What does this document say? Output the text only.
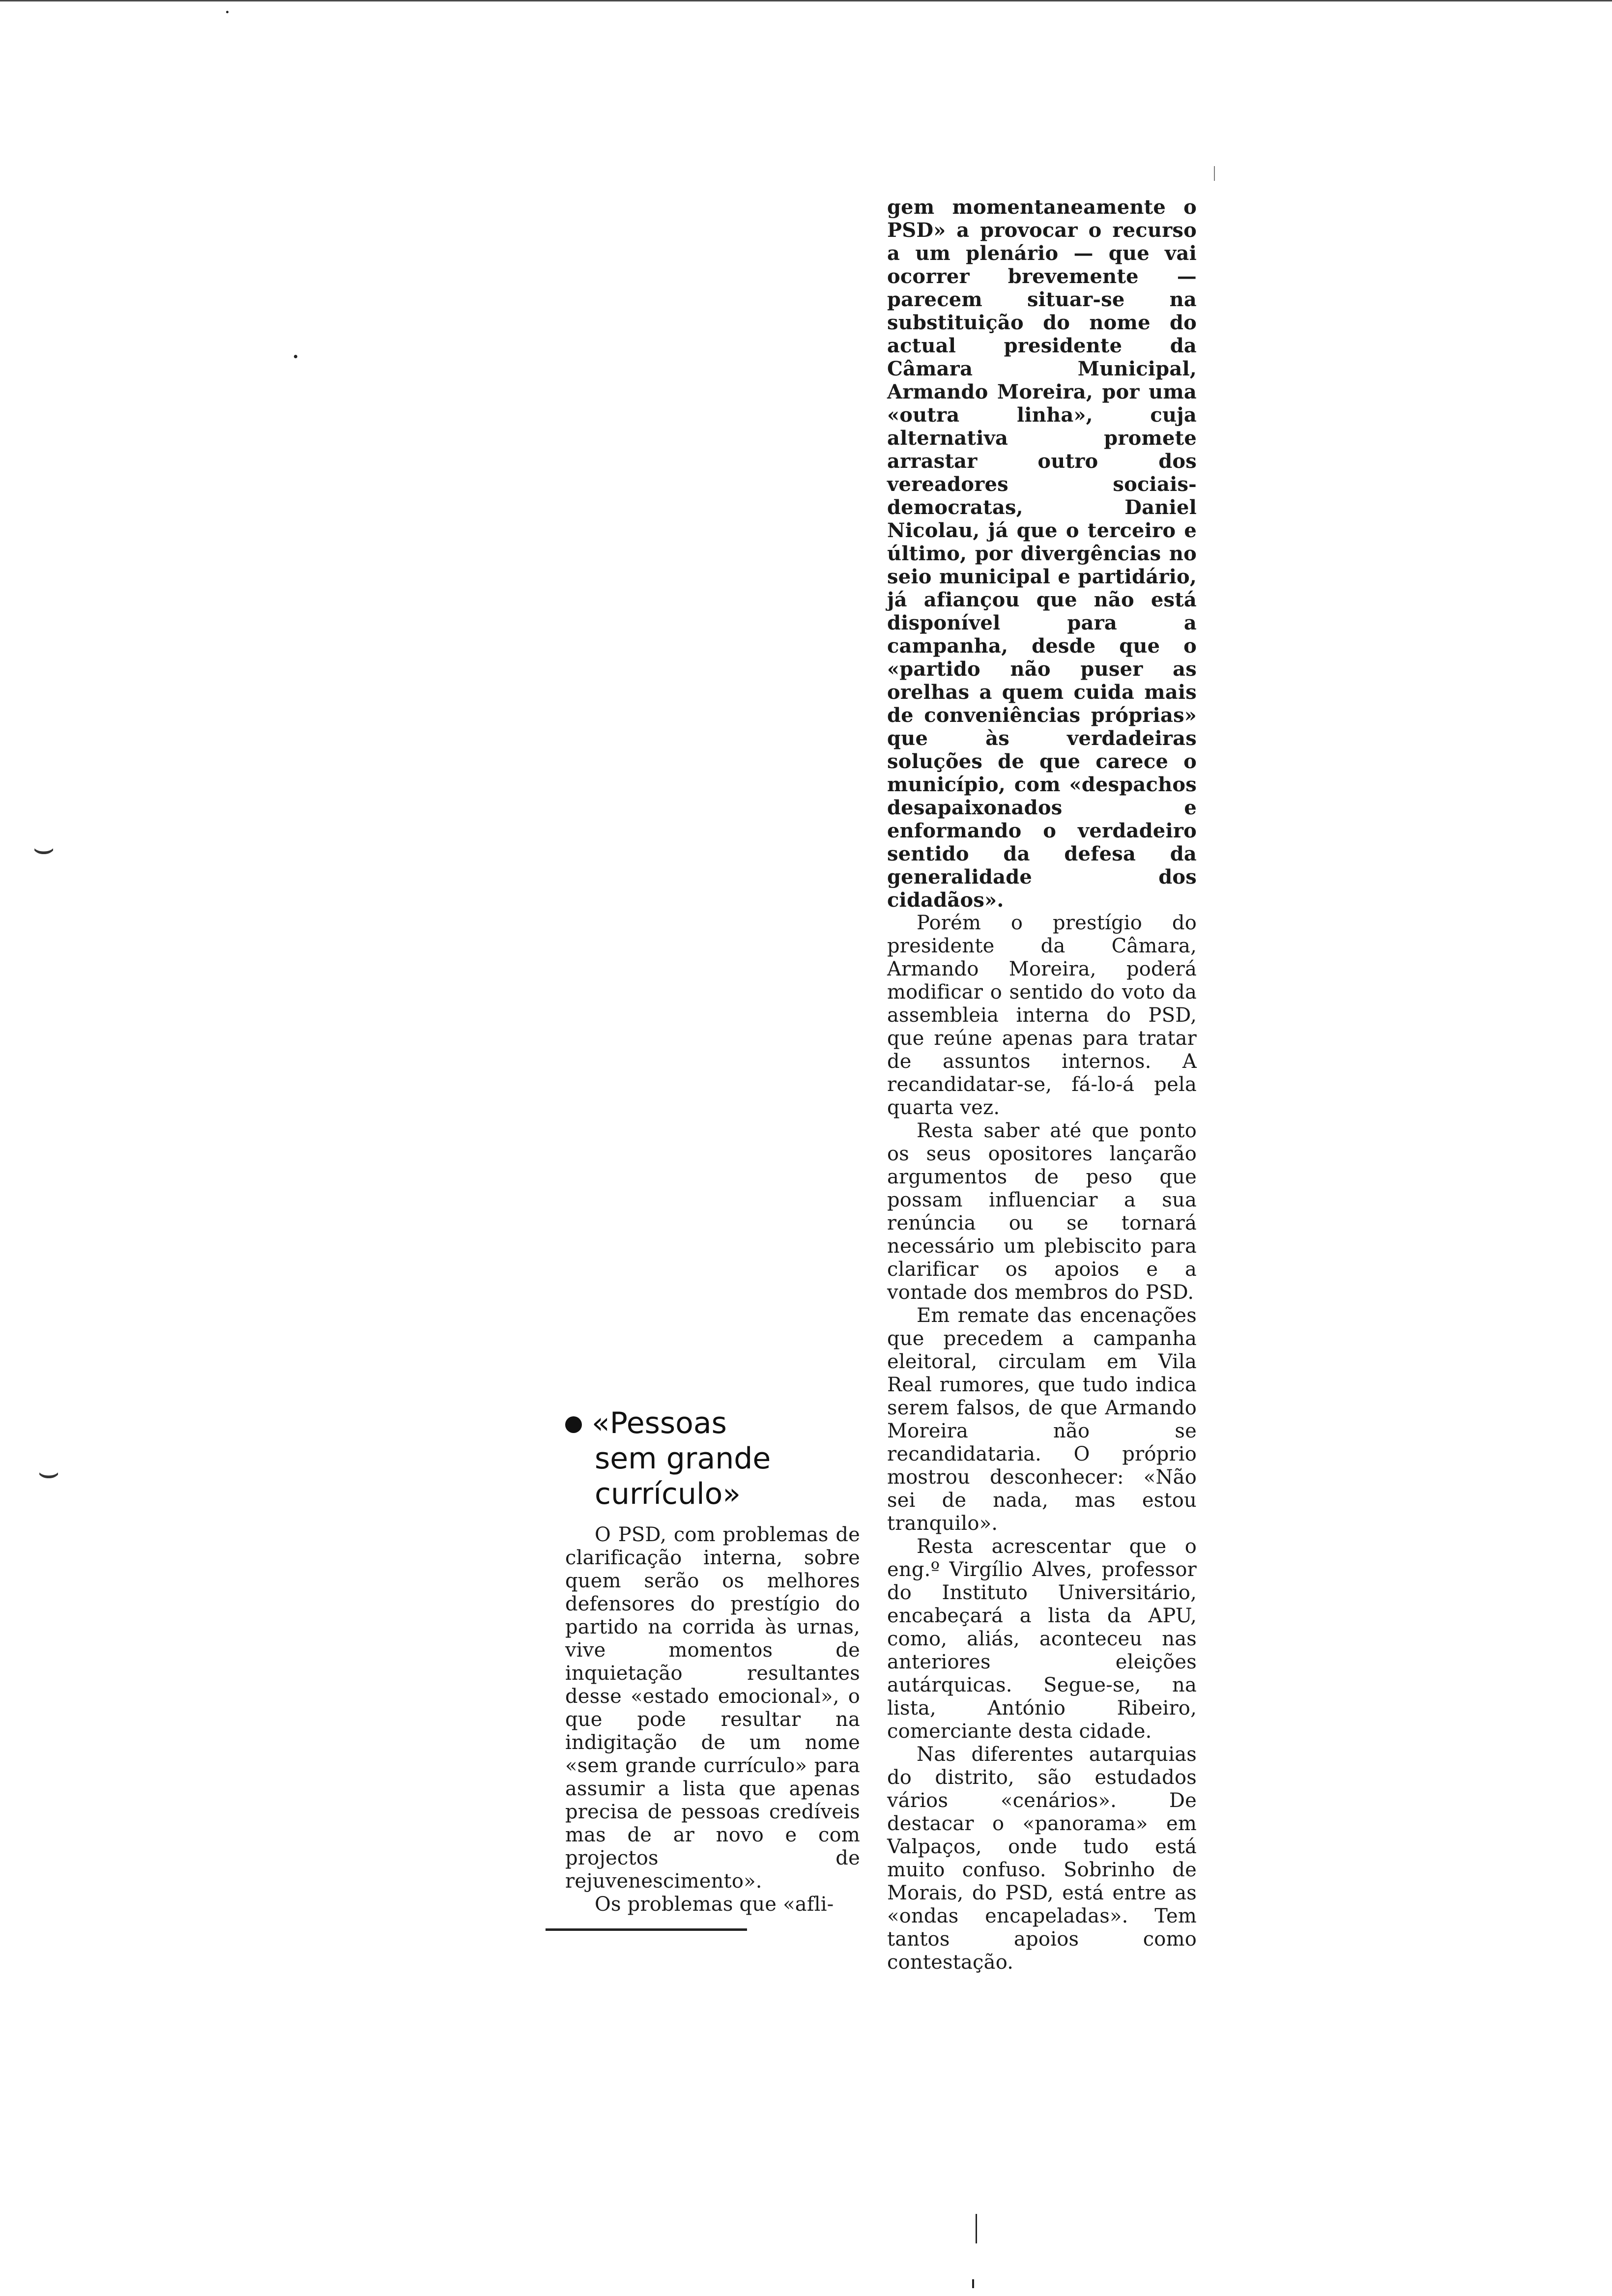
⌣
⌣
«Pessoas
sem grande
currículo»

O PSD, com problemas de clarificação interna, sobre quem serão os melhores defensores do prestígio do partido na corrida às urnas, vive momentos de inquietação resultantes desse «estado emocional», o que pode resultar na indigitação de um nome «sem grande currículo» para assumir a lista que apenas precisa de pessoas credíveis mas de ar novo e com projectos de rejuvenescimento».

Os problemas que «afli-

gem momentaneamente o PSD» a provocar o recurso a um plenário — que vai ocorrer brevemente — parecem situar-se na substituição do nome do actual presidente da Câmara Municipal, Armando Moreira, por uma «outra linha», cuja alternativa promete arrastar outro dos vereadores sociais-democratas, Daniel Nicolau, já que o terceiro e último, por divergências no seio municipal e partidário, já afiançou que não está disponível para a campanha, desde que o «partido não puser as orelhas a quem cuida mais de conveniências próprias» que às verdadeiras soluções de que carece o município, com «despachos desapaixonados e enformando o verdadeiro sentido da defesa da generalidade dos cidadãos».

Porém o prestígio do presidente da Câmara, Armando Moreira, poderá modificar o sentido do voto da assembleia interna do PSD, que reúne apenas para tratar de assuntos internos. A recandidatar-se, fá-lo-á pela quarta vez.

Resta saber até que ponto os seus opositores lançarão argumentos de peso que possam influenciar a sua renúncia ou se tornará necessário um plebiscito para clarificar os apoios e a vontade dos membros do PSD.

Em remate das encenações que precedem a campanha eleitoral, circulam em Vila Real rumores, que tudo indica serem falsos, de que Armando Moreira não se recandidataria. O próprio mostrou desconhecer: «Não sei de nada, mas estou tranquilo».

Resta acrescentar que o eng.º Virgílio Alves, professor do Instituto Universitário, encabeçará a lista da APU, como, aliás, aconteceu nas anteriores eleições autárquicas. Segue-se, na lista, António Ribeiro, comerciante desta cidade.

Nas diferentes autarquias do distrito, são estudados vários «cenários». De destacar o «panorama» em Valpaços, onde tudo está muito confuso. Sobrinho de Morais, do PSD, está entre as «ondas encapeladas». Tem tantos apoios como contestação.
